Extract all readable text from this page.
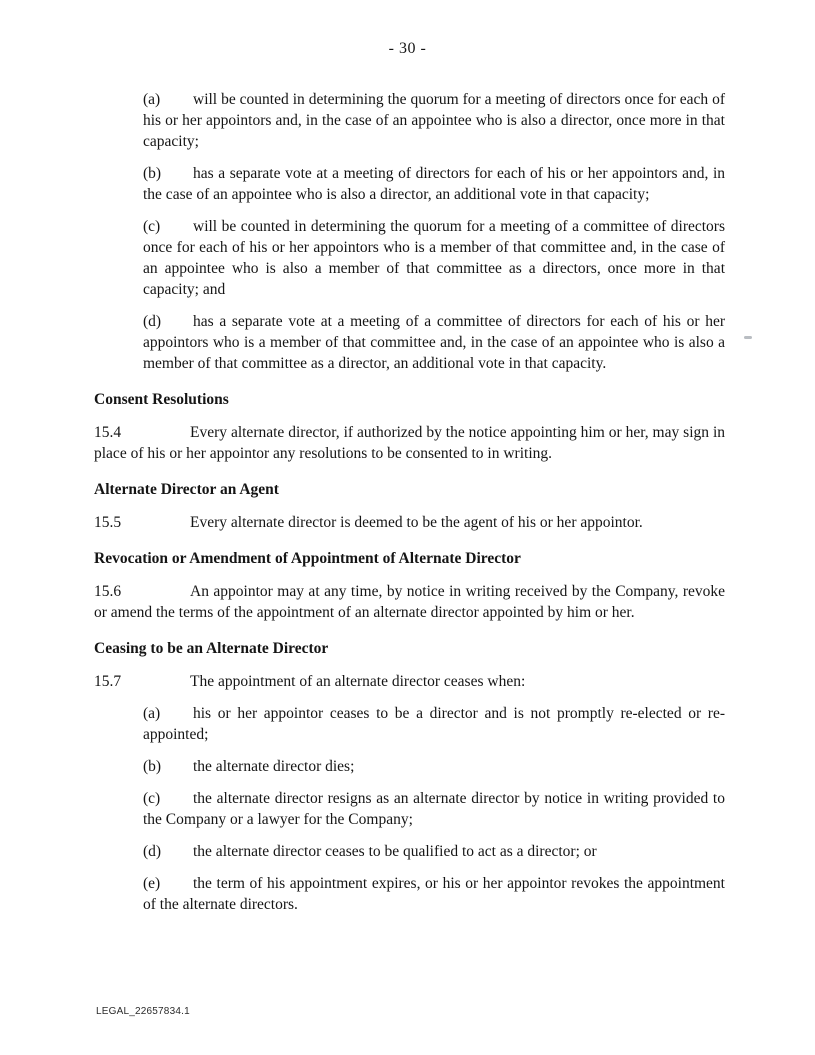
- 30 -

(a) will be counted in determining the quorum for a meeting of directors once for each of his or her appointors and, in the case of an appointee who is also a director, once more in that capacity;

(b) has a separate vote at a meeting of directors for each of his or her appointors and, in the case of an appointee who is also a director, an additional vote in that capacity;

(c) will be counted in determining the quorum for a meeting of a committee of directors once for each of his or her appointors who is a member of that committee and, in the case of an appointee who is also a member of that committee as a directors, once more in that capacity; and

(d) has a separate vote at a meeting of a committee of directors for each of his or her appointors who is a member of that committee and, in the case of an appointee who is also a member of that committee as a director, an additional vote in that capacity.

Consent Resolutions

15.4	Every alternate director, if authorized by the notice appointing him or her, may sign in place of his or her appointor any resolutions to be consented to in writing.

Alternate Director an Agent

15.5	Every alternate director is deemed to be the agent of his or her appointor.

Revocation or Amendment of Appointment of Alternate Director

15.6	An appointor may at any time, by notice in writing received by the Company, revoke or amend the terms of the appointment of an alternate director appointed by him or her.

Ceasing to be an Alternate Director

15.7	The appointment of an alternate director ceases when:

(a) his or her appointor ceases to be a director and is not promptly re-elected or re-appointed;

(b) the alternate director dies;

(c) the alternate director resigns as an alternate director by notice in writing provided to the Company or a lawyer for the Company;

(d) the alternate director ceases to be qualified to act as a director; or

(e) the term of his appointment expires, or his or her appointor revokes the appointment of the alternate directors.

LEGAL_22657834.1
